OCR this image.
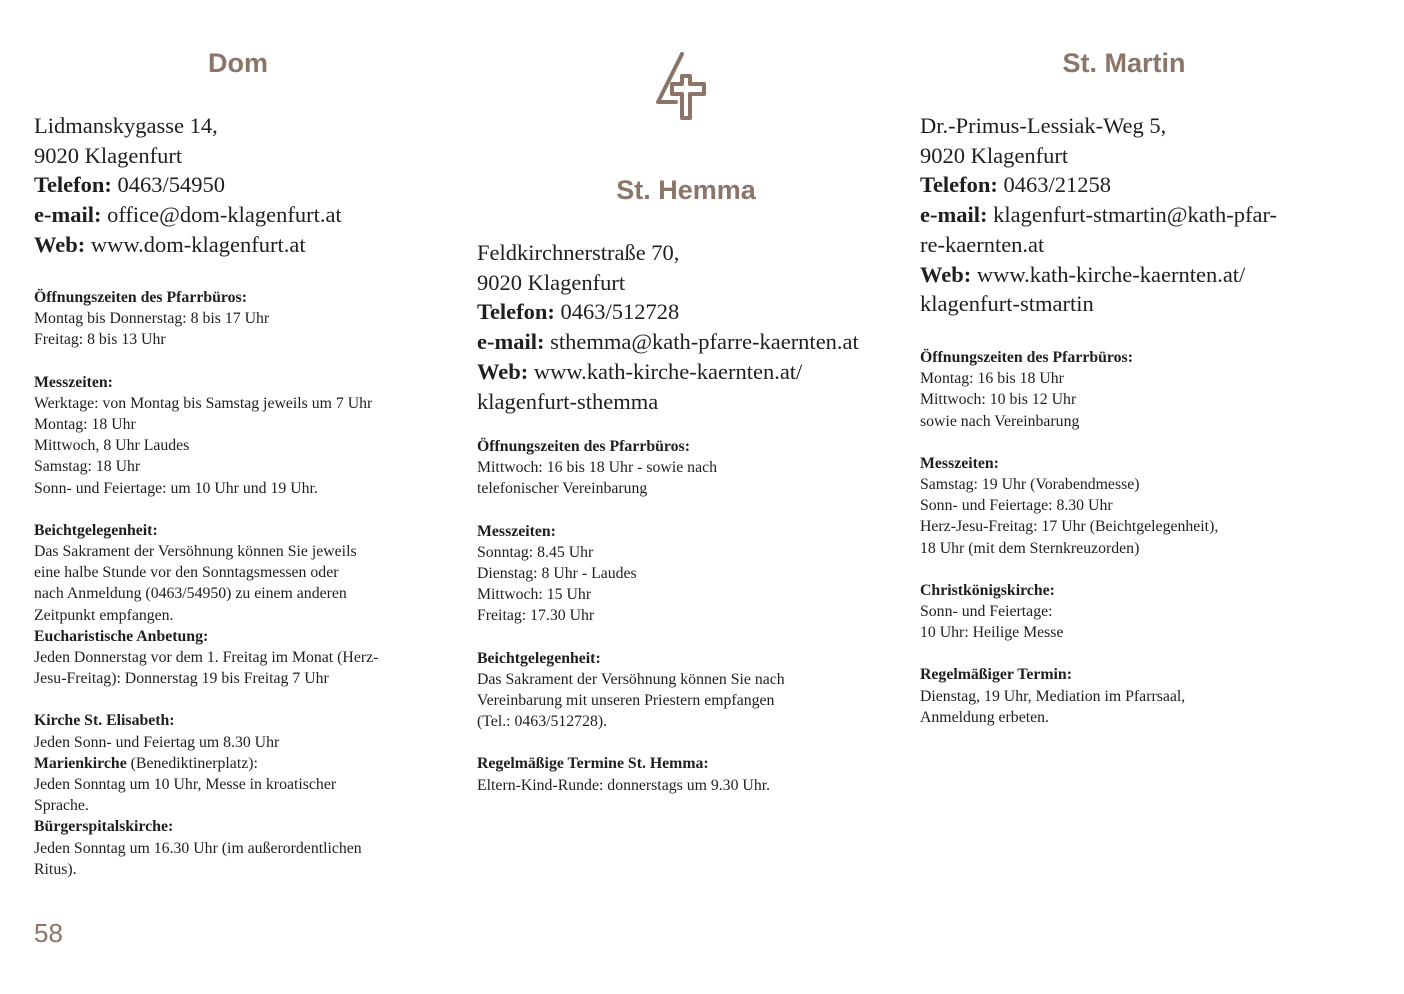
Dom
Lidmanskygasse 14,
9020 Klagenfurt
Telefon: 0463/54950
e-mail: office@dom-klagenfurt.at
Web: www.dom-klagenfurt.at
Öffnungszeiten des Pfarrbüros:
Montag bis Donnerstag: 8 bis 17 Uhr
Freitag: 8 bis 13 Uhr
Messzeiten:
Werktage: von Montag bis Samstag jeweils um 7 Uhr
Montag: 18 Uhr
Mittwoch, 8 Uhr Laudes
Samstag: 18 Uhr
Sonn- und Feiertage: um 10 Uhr und 19 Uhr.
Beichtgelegenheit:
Das Sakrament der Versöhnung können Sie jeweils
eine halbe Stunde vor den Sonntagsmessen oder
nach Anmeldung (0463/54950) zu einem anderen
Zeitpunkt empfangen.
Eucharistische Anbetung:
Jeden Donnerstag vor dem 1. Freitag im Monat (Herz-
Jesu-Freitag): Donnerstag 19 bis Freitag 7 Uhr
Kirche St. Elisabeth:
Jeden Sonn- und Feiertag um 8.30 Uhr
Marienkirche (Benediktinerplatz):
Jeden Sonntag um 10 Uhr, Messe in kroatischer
Sprache.
Bürgerspitalskirche:
Jeden Sonntag um 16.30 Uhr (im außerordentlichen
Ritus).
St. Hemma
Feldkirchnerstraße 70,
9020 Klagenfurt
Telefon: 0463/512728
e-mail: sthemma@kath-pfarre-kaernten.at
Web: www.kath-kirche-kaernten.at/
klagenfurt-sthemma
Öffnungszeiten des Pfarrbüros:
Mittwoch: 16 bis 18 Uhr - sowie nach
telefonischer Vereinbarung
Messzeiten:
Sonntag: 8.45 Uhr
Dienstag: 8 Uhr - Laudes
Mittwoch: 15 Uhr
Freitag: 17.30 Uhr
Beichtgelegenheit:
Das Sakrament der Versöhnung können Sie nach
Vereinbarung mit unseren Priestern empfangen
(Tel.: 0463/512728).
Regelmäßige Termine St. Hemma:
Eltern-Kind-Runde: donnerstags um 9.30 Uhr.
St. Martin
Dr.-Primus-Lessiak-Weg 5,
9020 Klagenfurt
Telefon: 0463/21258
e-mail: klagenfurt-stmartin@kath-pfar-
re-kaernten.at
Web: www.kath-kirche-kaernten.at/
klagenfurt-stmartin
Öffnungszeiten des Pfarrbüros:
Montag: 16 bis 18 Uhr
Mittwoch: 10 bis 12 Uhr
sowie nach Vereinbarung
Messzeiten:
Samstag: 19 Uhr (Vorabendmesse)
Sonn- und Feiertage: 8.30 Uhr
Herz-Jesu-Freitag: 17 Uhr (Beichtgelegenheit),
18 Uhr (mit dem Sternkreuzorden)
Christkönigskirche:
Sonn- und Feiertage:
10 Uhr: Heilige Messe
Regelmäßiger Termin:
Dienstag, 19 Uhr, Mediation im Pfarrsaal,
Anmeldung erbeten.
58
